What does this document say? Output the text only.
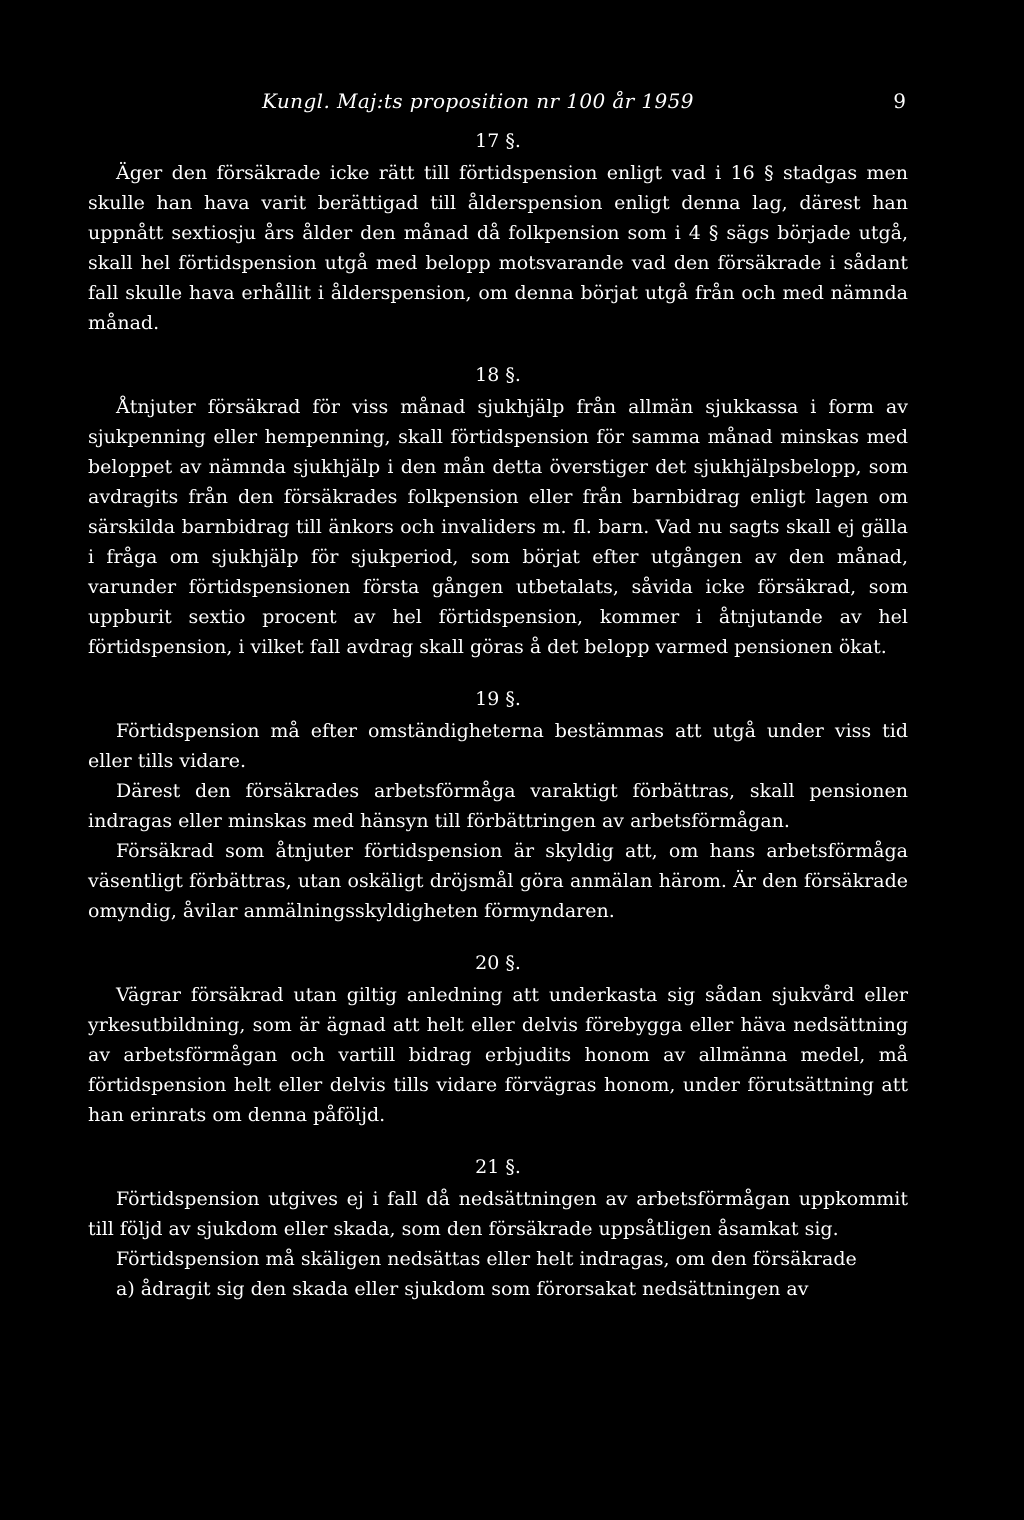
Kungl. Maj:ts proposition nr 100 år 1959	9
17 §.

Äger den försäkrade icke rätt till förtidspension enligt vad i 16 § stadgas men skulle han hava varit berättigad till ålderspension enligt denna lag, därest han uppnått sextiosju års ålder den månad då folkpension som i 4 § sägs började utgå, skall hel förtidspension utgå med belopp motsvarande vad den försäkrade i sådant fall skulle hava erhållit i ålderspension, om denna börjat utgå från och med nämnda månad.

18 §.

Åtnjuter försäkrad för viss månad sjukhjälp från allmän sjukkassa i form av sjukpenning eller hempenning, skall förtidspension för samma månad minskas med beloppet av nämnda sjukhjälp i den mån detta överstiger det sjukhjälpsbelopp, som avdragits från den försäkrades folkpension eller från barnbidrag enligt lagen om särskilda barnbidrag till änkors och invaliders m. fl. barn. Vad nu sagts skall ej gälla i fråga om sjukhjälp för sjukperiod, som börjat efter utgången av den månad, varunder förtidspensionen första gången utbetalats, såvida icke försäkrad, som uppburit sextio procent av hel förtidspension, kommer i åtnjutande av hel förtidspension, i vilket fall avdrag skall göras å det belopp varmed pensionen ökat.

19 §.

Förtidspension må efter omständigheterna bestämmas att utgå under viss tid eller tills vidare.

Därest den försäkrades arbetsförmåga varaktigt förbättras, skall pensionen indragas eller minskas med hänsyn till förbättringen av arbetsförmågan.

Försäkrad som åtnjuter förtidspension är skyldig att, om hans arbetsförmåga väsentligt förbättras, utan oskäligt dröjsmål göra anmälan härom. Är den försäkrade omyndig, åvilar anmälningsskyldigheten förmyndaren.

20 §.

Vägrar försäkrad utan giltig anledning att underkasta sig sådan sjukvård eller yrkesutbildning, som är ägnad att helt eller delvis förebygga eller häva nedsättning av arbetsförmågan och vartill bidrag erbjudits honom av allmänna medel, må förtidspension helt eller delvis tills vidare förvägras honom, under förutsättning att han erinrats om denna påföljd.

21 §.

Förtidspension utgives ej i fall då nedsättningen av arbetsförmågan uppkommit till följd av sjukdom eller skada, som den försäkrade uppsåtligen åsamkat sig.

Förtidspension må skäligen nedsättas eller helt indragas, om den försäkrade

a) ådragit sig den skada eller sjukdom som förorsakat nedsättningen av
